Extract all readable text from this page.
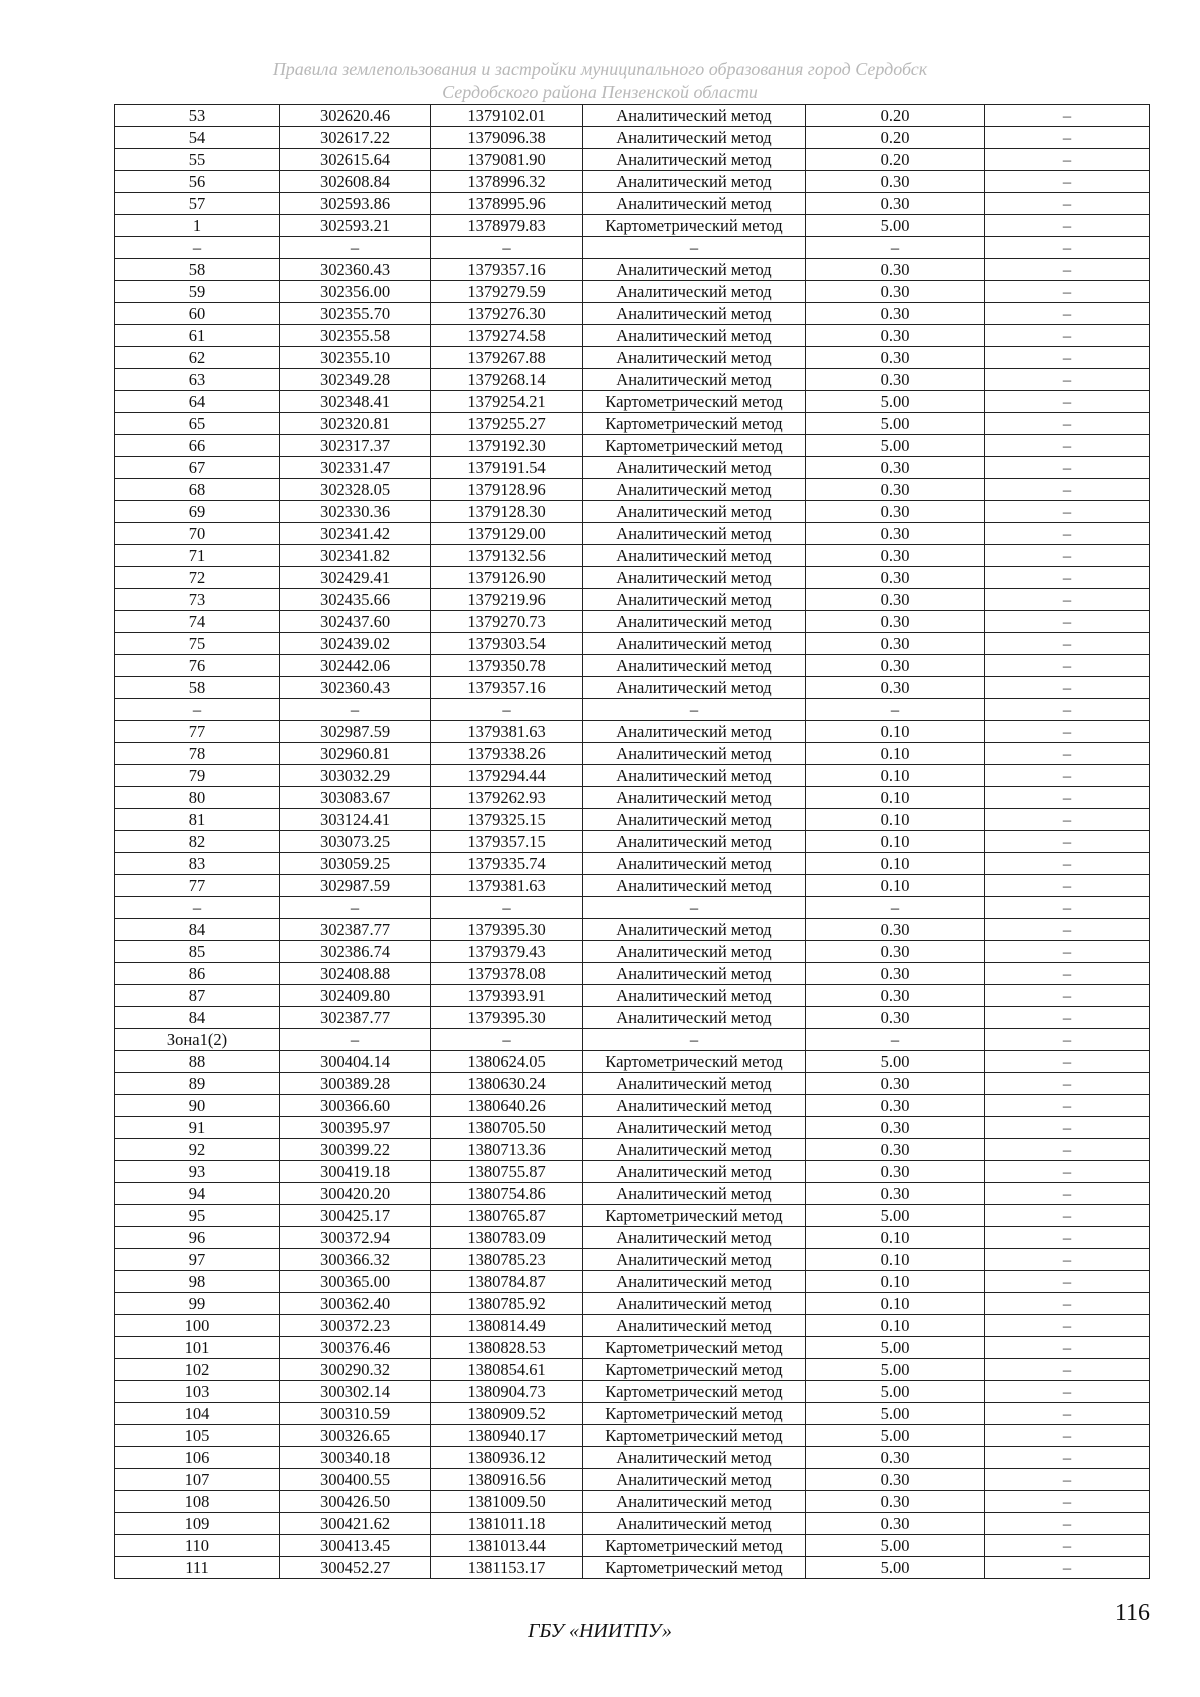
Правила землепользования и застройки муниципального образования город Сердобск
Сердобского района Пензенской области
53	302620.46	1379102.01	Аналитический метод	0.20	–
54	302617.22	1379096.38	Аналитический метод	0.20	–
55	302615.64	1379081.90	Аналитический метод	0.20	–
56	302608.84	1378996.32	Аналитический метод	0.30	–
57	302593.86	1378995.96	Аналитический метод	0.30	–
1	302593.21	1378979.83	Картометрический метод	5.00	–
–	–	–	–	–	–
58	302360.43	1379357.16	Аналитический метод	0.30	–
59	302356.00	1379279.59	Аналитический метод	0.30	–
60	302355.70	1379276.30	Аналитический метод	0.30	–
61	302355.58	1379274.58	Аналитический метод	0.30	–
62	302355.10	1379267.88	Аналитический метод	0.30	–
63	302349.28	1379268.14	Аналитический метод	0.30	–
64	302348.41	1379254.21	Картометрический метод	5.00	–
65	302320.81	1379255.27	Картометрический метод	5.00	–
66	302317.37	1379192.30	Картометрический метод	5.00	–
67	302331.47	1379191.54	Аналитический метод	0.30	–
68	302328.05	1379128.96	Аналитический метод	0.30	–
69	302330.36	1379128.30	Аналитический метод	0.30	–
70	302341.42	1379129.00	Аналитический метод	0.30	–
71	302341.82	1379132.56	Аналитический метод	0.30	–
72	302429.41	1379126.90	Аналитический метод	0.30	–
73	302435.66	1379219.96	Аналитический метод	0.30	–
74	302437.60	1379270.73	Аналитический метод	0.30	–
75	302439.02	1379303.54	Аналитический метод	0.30	–
76	302442.06	1379350.78	Аналитический метод	0.30	–
58	302360.43	1379357.16	Аналитический метод	0.30	–
–	–	–	–	–	–
77	302987.59	1379381.63	Аналитический метод	0.10	–
78	302960.81	1379338.26	Аналитический метод	0.10	–
79	303032.29	1379294.44	Аналитический метод	0.10	–
80	303083.67	1379262.93	Аналитический метод	0.10	–
81	303124.41	1379325.15	Аналитический метод	0.10	–
82	303073.25	1379357.15	Аналитический метод	0.10	–
83	303059.25	1379335.74	Аналитический метод	0.10	–
77	302987.59	1379381.63	Аналитический метод	0.10	–
–	–	–	–	–	–
84	302387.77	1379395.30	Аналитический метод	0.30	–
85	302386.74	1379379.43	Аналитический метод	0.30	–
86	302408.88	1379378.08	Аналитический метод	0.30	–
87	302409.80	1379393.91	Аналитический метод	0.30	–
84	302387.77	1379395.30	Аналитический метод	0.30	–
Зона1(2)	–	–	–	–	–
88	300404.14	1380624.05	Картометрический метод	5.00	–
89	300389.28	1380630.24	Аналитический метод	0.30	–
90	300366.60	1380640.26	Аналитический метод	0.30	–
91	300395.97	1380705.50	Аналитический метод	0.30	–
92	300399.22	1380713.36	Аналитический метод	0.30	–
93	300419.18	1380755.87	Аналитический метод	0.30	–
94	300420.20	1380754.86	Аналитический метод	0.30	–
95	300425.17	1380765.87	Картометрический метод	5.00	–
96	300372.94	1380783.09	Аналитический метод	0.10	–
97	300366.32	1380785.23	Аналитический метод	0.10	–
98	300365.00	1380784.87	Аналитический метод	0.10	–
99	300362.40	1380785.92	Аналитический метод	0.10	–
100	300372.23	1380814.49	Аналитический метод	0.10	–
101	300376.46	1380828.53	Картометрический метод	5.00	–
102	300290.32	1380854.61	Картометрический метод	5.00	–
103	300302.14	1380904.73	Картометрический метод	5.00	–
104	300310.59	1380909.52	Картометрический метод	5.00	–
105	300326.65	1380940.17	Картометрический метод	5.00	–
106	300340.18	1380936.12	Аналитический метод	0.30	–
107	300400.55	1380916.56	Аналитический метод	0.30	–
108	300426.50	1381009.50	Аналитический метод	0.30	–
109	300421.62	1381011.18	Аналитический метод	0.30	–
110	300413.45	1381013.44	Картометрический метод	5.00	–
111	300452.27	1381153.17	Картометрический метод	5.00	–
116
ГБУ «НИИТПУ»
